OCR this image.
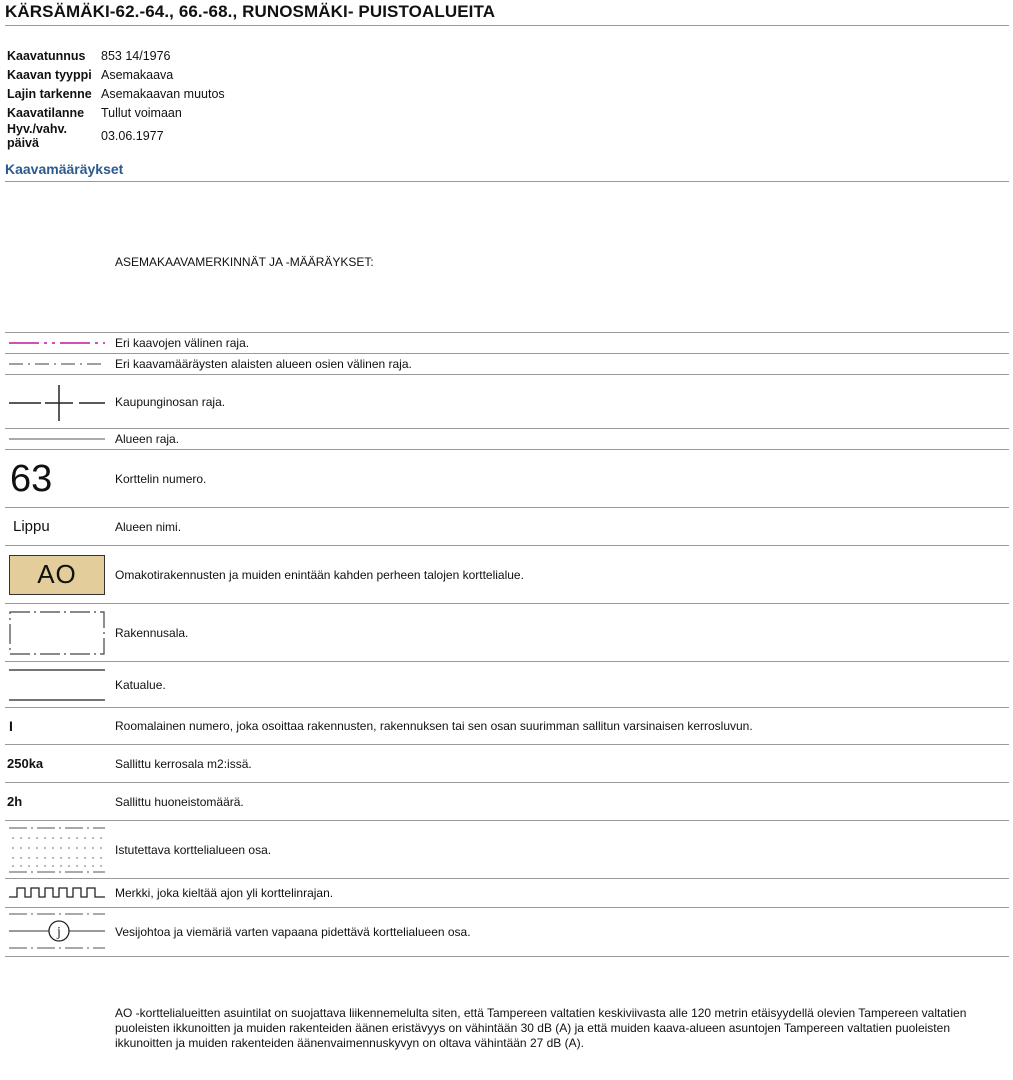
KÄRSÄMÄKI-62.-64., 66.-68., RUNOSMÄKI- PUISTOALUEITA
Kaavatunnus	853 14/1976
Kaavan tyyppi	Asemakaava
Lajin tarkenne	Asemakaavan muutos
Kaavatilanne	Tullut voimaan
Hyv./vahv. päivä	03.06.1977
Kaavamääräykset
ASEMAKAAVAMERKINNÄT JA -MÄÄRÄYKSET:
Eri kaavojen välinen raja.
Eri kaavamääräysten alaisten alueen osien välinen raja.
Kaupunginosan raja.
Alueen raja.
63	Korttelin numero.
Lippu	Alueen nimi.
AO	Omakotirakennusten ja muiden enintään kahden perheen talojen korttelialue.
Rakennusala.
Katualue.
I	Roomalainen numero, joka osoittaa rakennusten, rakennuksen tai sen osan suurimman sallitun varsinaisen kerrosluvun.
250ka	Sallittu kerrosala m2:issä.
2h	Sallittu huoneistomäärä.
Istutettava korttelialueen osa.
Merkki, joka kieltää ajon yli korttelinrajan.
j	Vesijohtoa ja viemäriä varten vapaana pidettävä korttelialueen osa.
AO -korttelialueitten asuintilat on suojattava liikennemelulta siten, että Tampereen valtatien keskiviivasta alle 120 metrin etäisyydellä olevien Tampereen valtatien puoleisten ikkunoitten ja muiden rakenteiden äänen eristävyys on vähintään 30 dB (A) ja että muiden kaava-alueen asuntojen Tampereen valtatien puoleisten ikkunoitten ja muiden rakenteiden äänenvaimennuskyvyn on oltava vähintään 27 dB (A).
